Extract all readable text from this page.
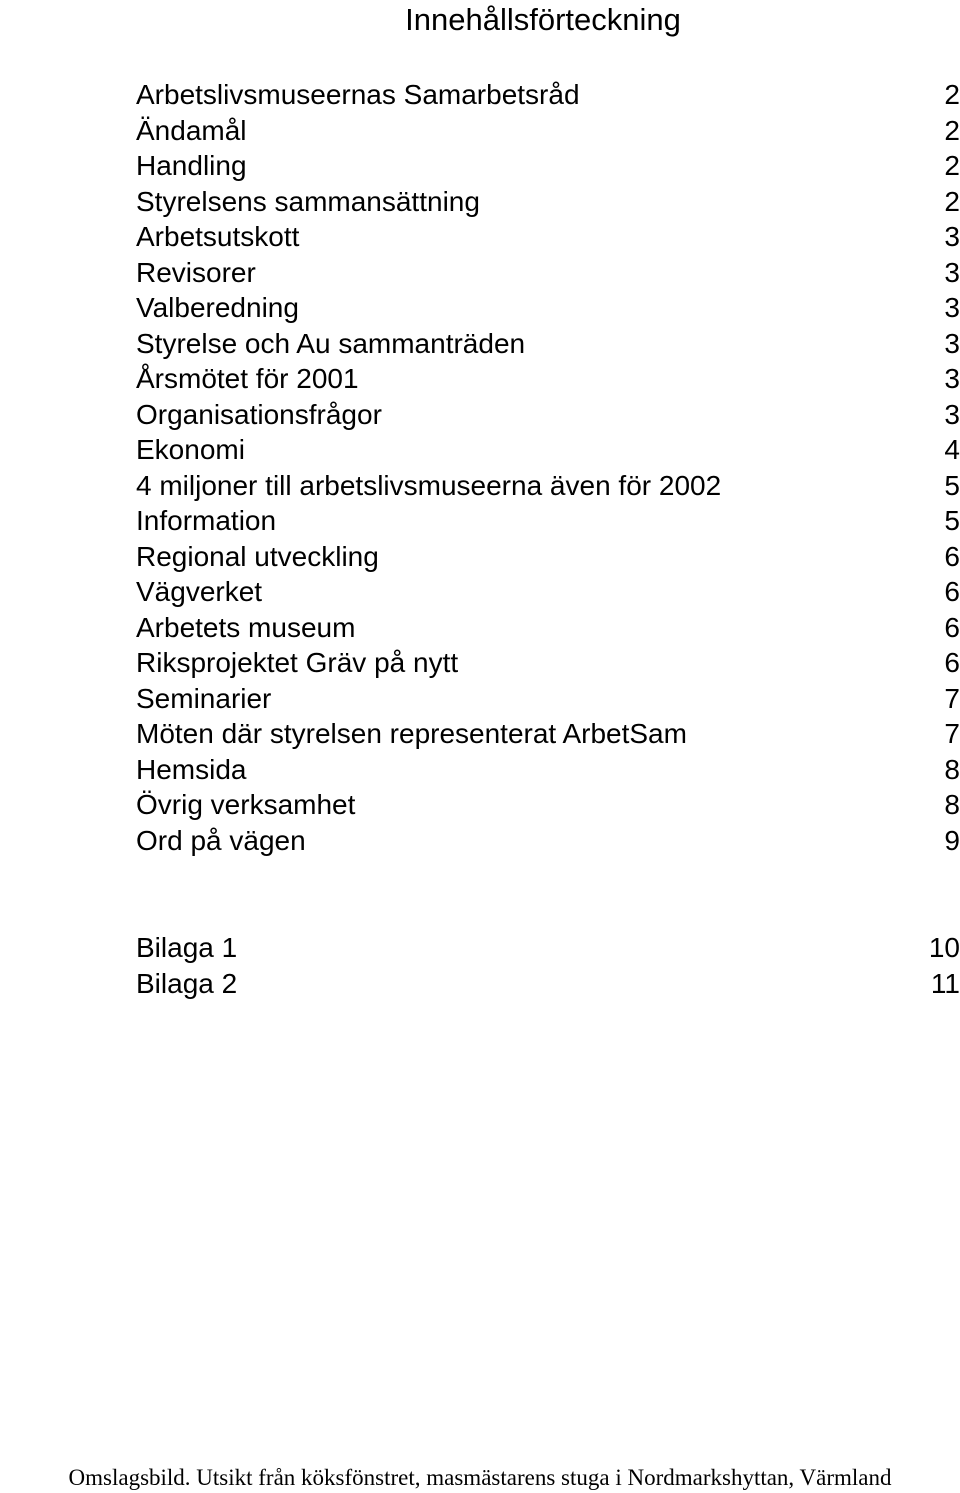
Innehållsförteckning
Arbetslivsmuseernas Samarbetsråd	2
Ändamål	2
Handling	2
Styrelsens sammansättning	2
Arbetsutskott	3
Revisorer	3
Valberedning	3
Styrelse och Au sammanträden	3
Årsmötet för 2001	3
Organisationsfrågor	3
Ekonomi	4
4 miljoner till arbetslivsmuseerna även för 2002	5
Information	5
Regional utveckling	6
Vägverket	6
Arbetets museum	6
Riksprojektet Gräv på nytt	6
Seminarier	7
Möten där styrelsen representerat ArbetSam	7
Hemsida	8
Övrig verksamhet	8
Ord på vägen	9
Bilaga 1	10
Bilaga 2	11
Omslagsbild. Utsikt från köksfönstret, masmästarens stuga i Nordmarkshyttan, Värmland
